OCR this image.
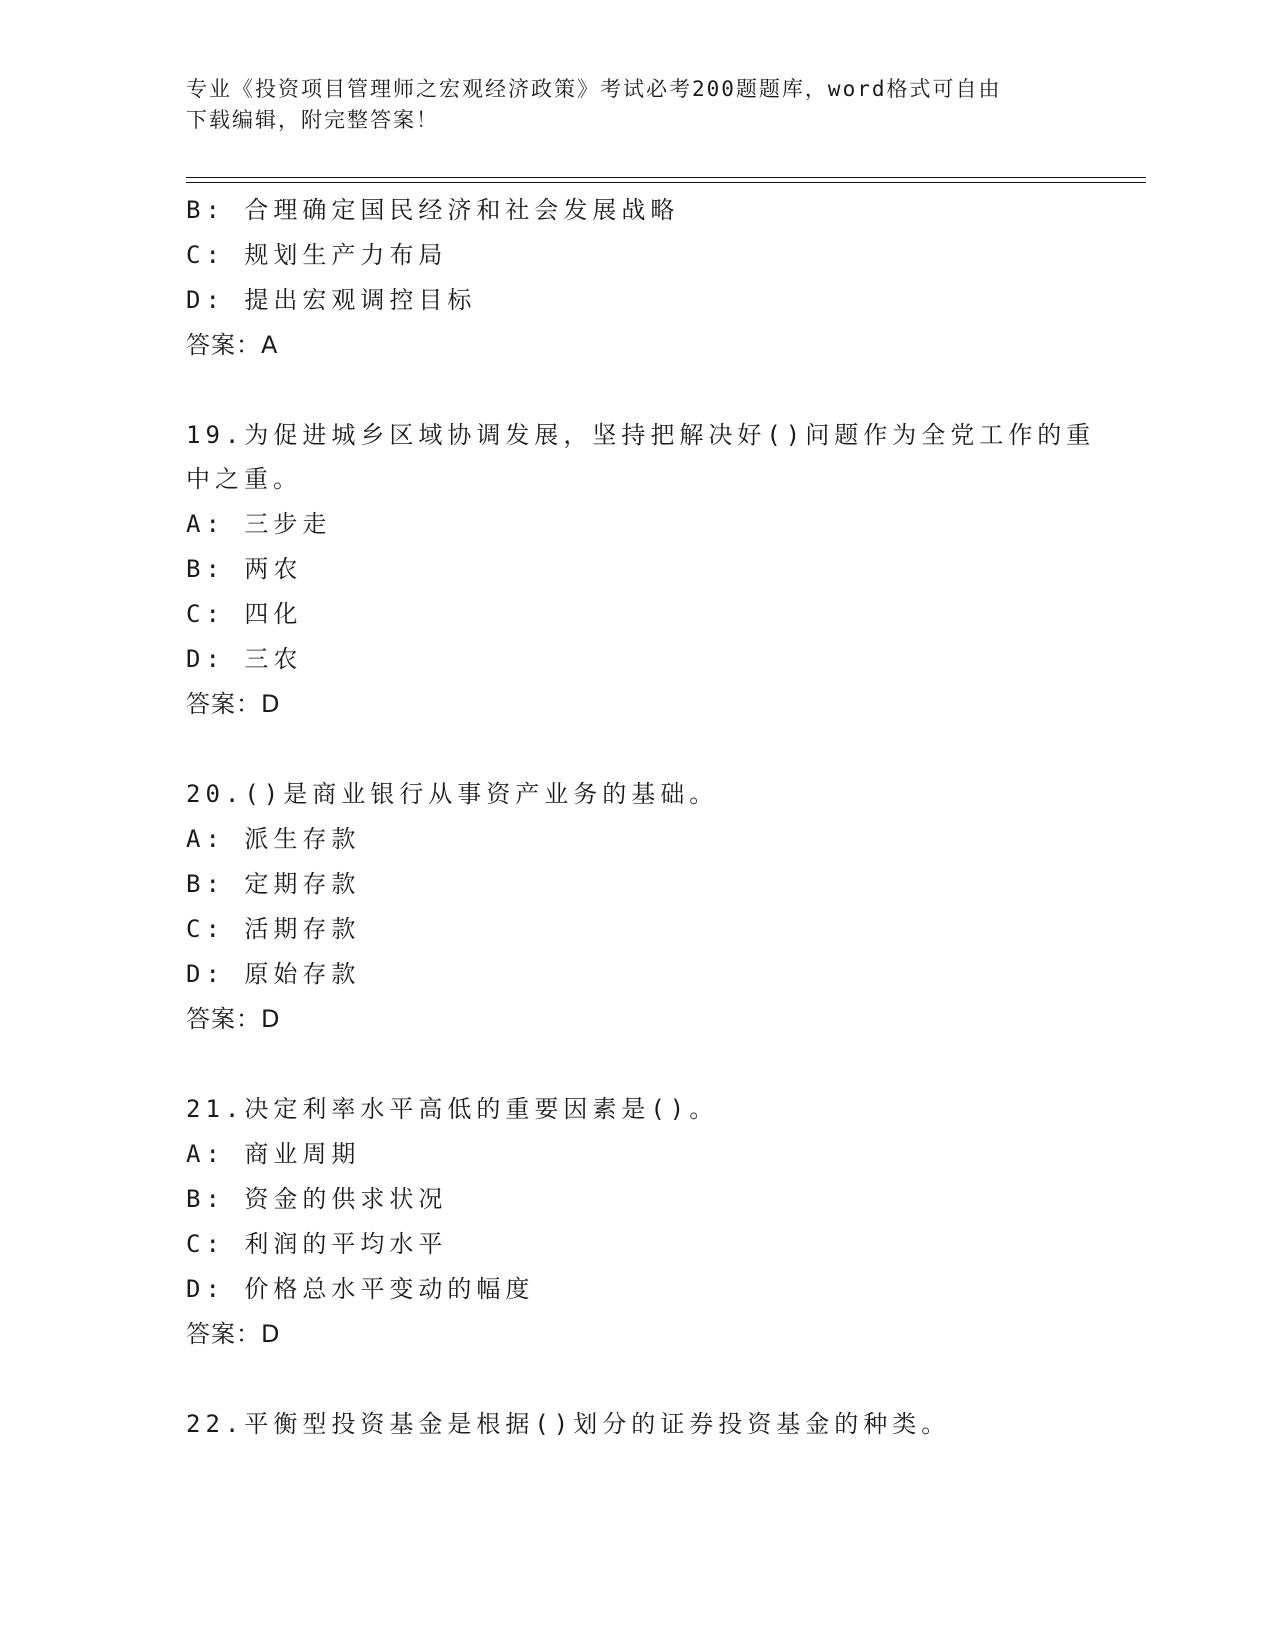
专业《投资项目管理师之宏观经济政策》考试必考200题题库，word格式可自由
下载编辑，附完整答案！
B: 合理确定国民经济和社会发展战略
C: 规划生产力布局
D: 提出宏观调控目标
答案：A
19.为促进城乡区域协调发展，坚持把解决好()问题作为全党工作的重
中之重。
A: 三步走
B: 两农
C: 四化
D: 三农
答案：D
20.()是商业银行从事资产业务的基础。
A: 派生存款
B: 定期存款
C: 活期存款
D: 原始存款
答案：D
21.决定利率水平高低的重要因素是()。
A: 商业周期
B: 资金的供求状况
C: 利润的平均水平
D: 价格总水平变动的幅度
答案：D
22.平衡型投资基金是根据()划分的证券投资基金的种类。
